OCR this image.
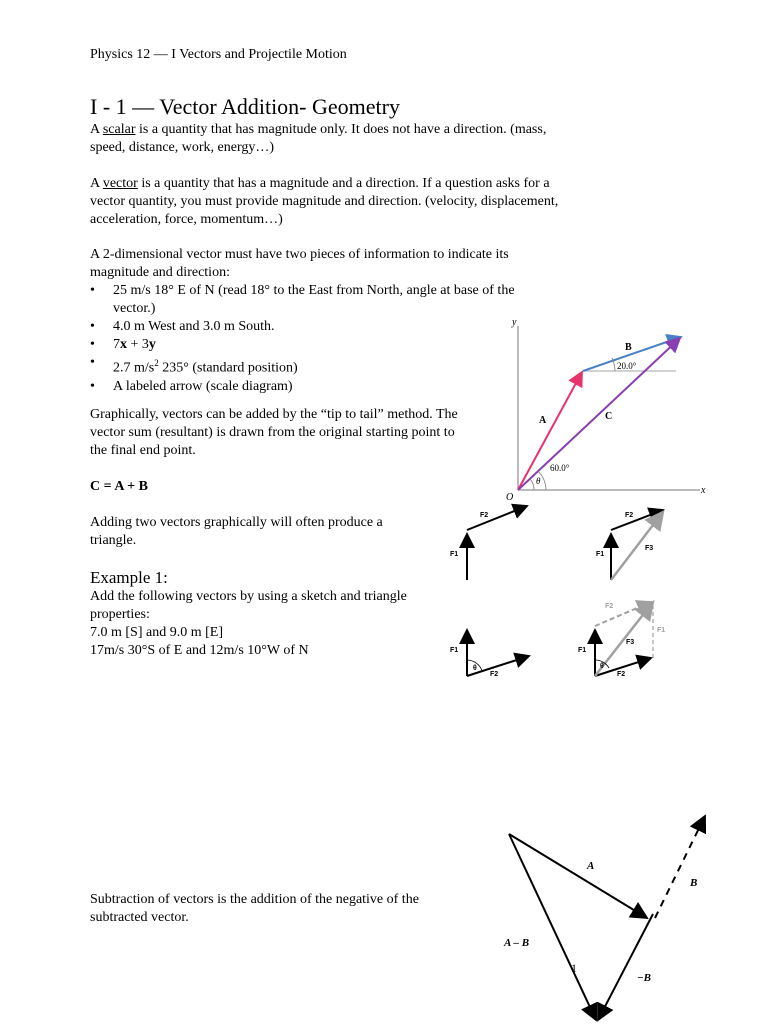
Physics 12 — I Vectors and Projectile Motion
I - 1 — Vector Addition- Geometry
A scalar is a quantity that has magnitude only. It does not have a direction. (mass, speed, distance, work, energy…)
A vector is a quantity that has a magnitude and a direction. If a question asks for a vector quantity, you must provide magnitude and direction. (velocity, displacement, acceleration, force, momentum…)
A 2-dimensional vector must have two pieces of information to indicate its magnitude and direction:
• 25 m/s 18° E of N (read 18° to the East from North, angle at base of the vector.)
• 4.0 m West and 3.0 m South.
• 7x + 3y
• 2.7 $m/s^2$ 235° (standard position)
• A labeled arrow (scale diagram)
Graphically, vectors can be added by the “tip to tail” method. The vector sum (resultant) is drawn from the original starting point to the final end point.
C = A + B
Adding two vectors graphically will often produce a triangle.
Example 1:
Add the following vectors by using a sketch and triangle properties:
7.0 m [S] and 9.0 m [E]
17m/s 30°S of E and 12m/s 10°W of N
Subtraction of vectors is the addition of the negative of the subtracted vector.
y
x
O
A
B
C
20.0°
60.0°
θ
F1
F2
F1
F2
F3
F1
θ
F2
F1
θ
F2
F3
F2
F1
A
B
−B
A – B
1
